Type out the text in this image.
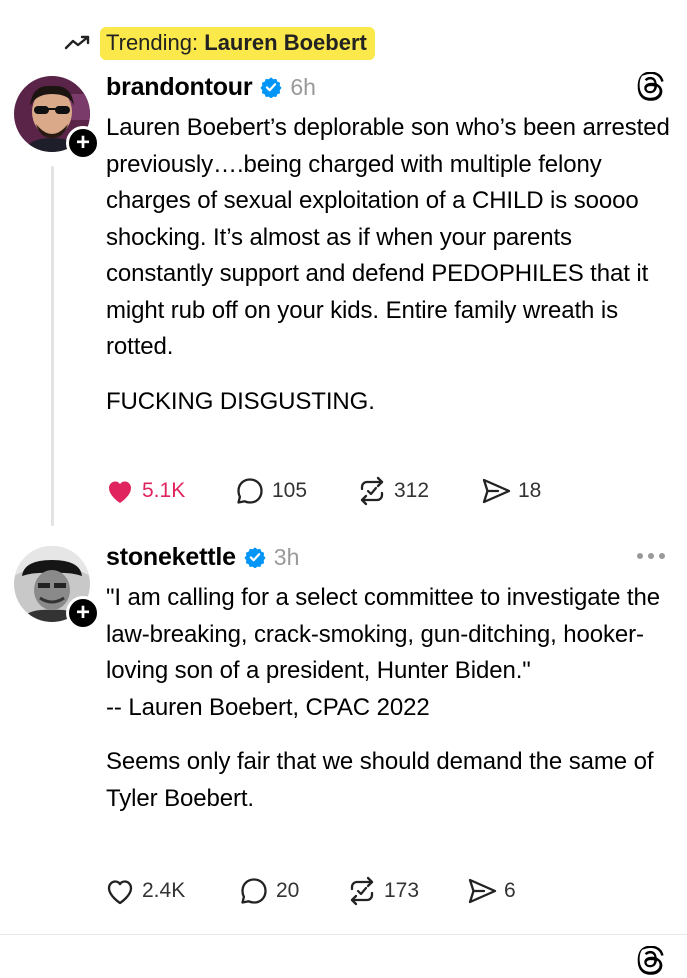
Trending: Lauren Boebert
+
brandontour 6h

Lauren Boebert’s deplorable son who’s been arrested previously….being charged with multiple felony charges of sexual exploitation of a CHILD is soooo shocking. It’s almost as if when your parents constantly support and defend PEDOPHILES that it might rub off on your kids. Entire family wreath is rotted.

FUCKING DISGUSTING.

5.1K	105	312	18
+
stonekettle 3h

"I am calling for a select committee to investigate the law-breaking, crack-smoking, gun-ditching, hooker-loving son of a president, Hunter Biden."

-- Lauren Boebert, CPAC 2022

Seems only fair that we should demand the same of Tyler Boebert.

2.4K	20	173	6
